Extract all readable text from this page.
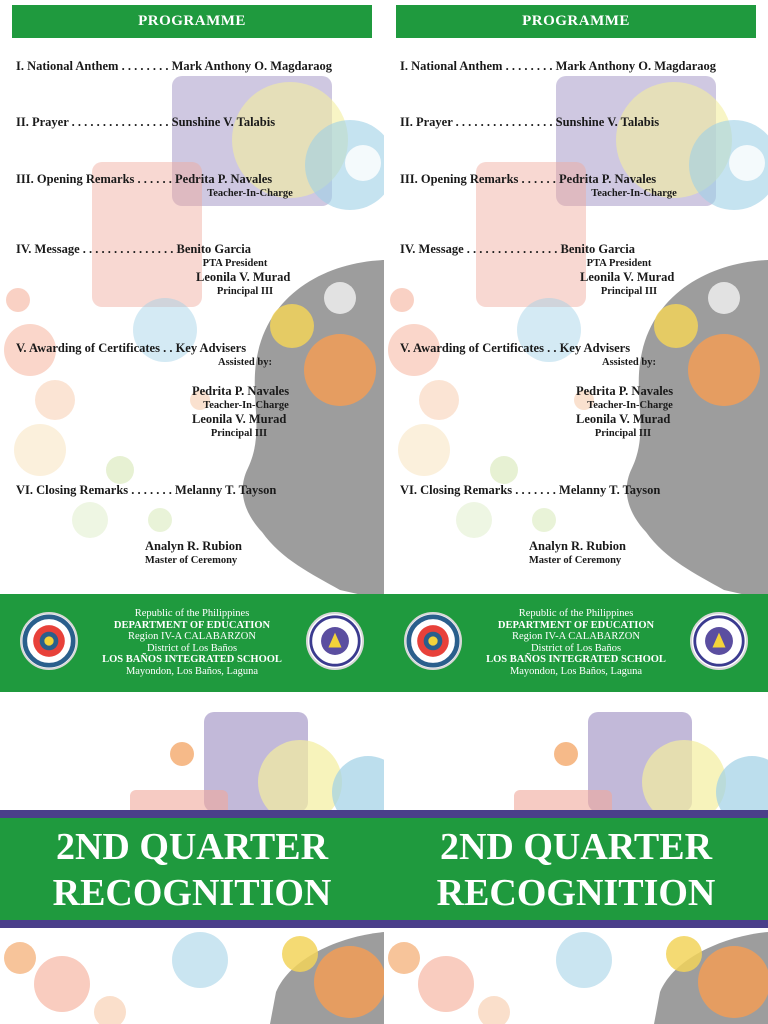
PROGRAMME
I. National Anthem . . . . . . . . Mark Anthony O. Magdaraog
II. Prayer . . . . . . . . . . . . . . . . Sunshine V. Talabis
III. Opening Remarks . . . . . . Pedrita P. Navales
Teacher-In-Charge
IV. Message . . . . . . . . . . . . . . . Benito Garcia
PTA President
Leonila V. Murad
Principal III
V. Awarding of Certificates . . Key Advisers
Assisted by:
Pedrita P. Navales
Teacher-In-Charge
Leonila V. Murad
Principal III
VI. Closing Remarks . . . . . . . Melanny T. Tayson
Analyn R. Rubion
Master of Ceremony
Republic of the Philippines
DEPARTMENT OF EDUCATION
Region IV-A CALABARZON
District of Los Baños
LOS BAÑOS INTEGRATED SCHOOL
Mayondon, Los Baños, Laguna
2ND QUARTER
RECOGNITION
PROGRAMME
I. National Anthem . . . . . . . . Mark Anthony O. Magdaraog
II. Prayer . . . . . . . . . . . . . . . . Sunshine V. Talabis
III. Opening Remarks . . . . . . Pedrita P. Navales
Teacher-In-Charge
IV. Message . . . . . . . . . . . . . . . Benito Garcia
PTA President
Leonila V. Murad
Principal III
V. Awarding of Certificates . . Key Advisers
Assisted by:
Pedrita P. Navales
Teacher-In-Charge
Leonila V. Murad
Principal III
VI. Closing Remarks . . . . . . . Melanny T. Tayson
Analyn R. Rubion
Master of Ceremony
Republic of the Philippines
DEPARTMENT OF EDUCATION
Region IV-A CALABARZON
District of Los Baños
LOS BAÑOS INTEGRATED SCHOOL
Mayondon, Los Baños, Laguna
2ND QUARTER
RECOGNITION
